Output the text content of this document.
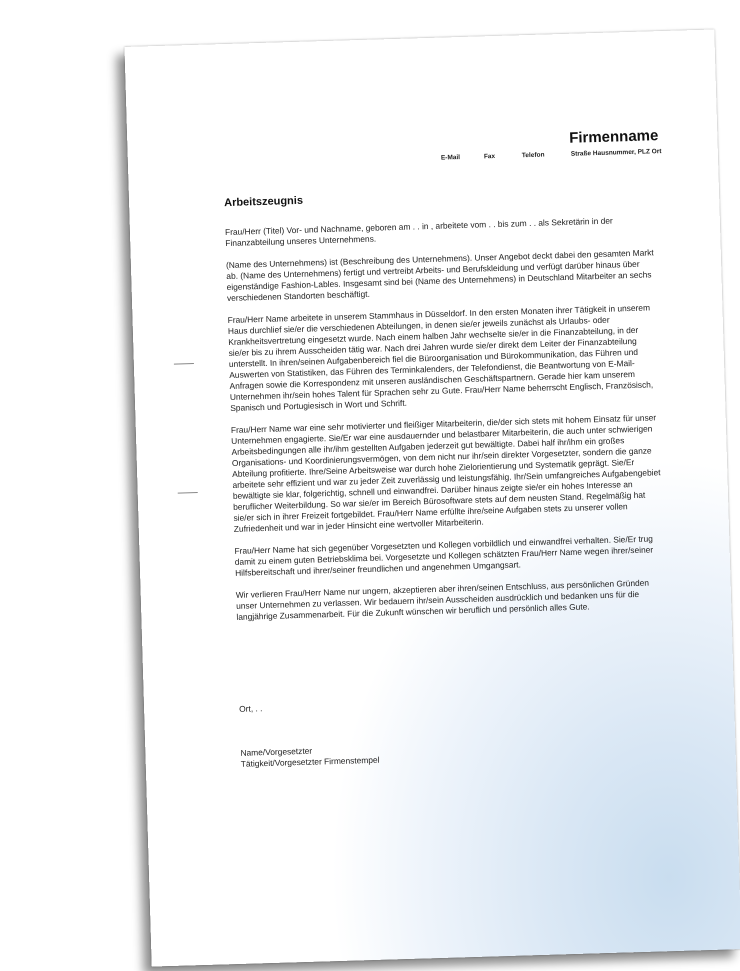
Firmenname
E-Mail	Fax	Telefon	Straße Hausnummer, PLZ Ort
Arbeitszeugnis

Frau/Herr (Titel) Vor- und Nachname, geboren am . . in , arbeitete vom . . bis zum . . als Sekretärin in der Finanzabteilung unseres Unternehmens.

(Name des Unternehmens) ist (Beschreibung des Unternehmens). Unser Angebot deckt dabei den gesamten Markt ab. (Name des Unternehmens) fertigt und vertreibt Arbeits- und Berufskleidung und verfügt darüber hinaus über eigenständige Fashion-Lables. Insgesamt sind bei (Name des Unternehmens) in Deutschland Mitarbeiter an sechs verschiedenen Standorten beschäftigt.

Frau/Herr Name arbeitete in unserem Stammhaus in Düsseldorf. In den ersten Monaten ihrer Tätigkeit in unserem Haus durchlief sie/er die verschiedenen Abteilungen, in denen sie/er jeweils zunächst als Urlaubs- oder Krankheitsvertretung eingesetzt wurde. Nach einem halben Jahr wechselte sie/er in die Finanzabteilung, in der sie/er bis zu ihrem Ausscheiden tätig war. Nach drei Jahren wurde sie/er direkt dem Leiter der Finanzabteilung unterstellt. In ihren/seinen Aufgabenbereich fiel die Büroorganisation und Bürokommunikation, das Führen und Auswerten von Statistiken, das Führen des Terminkalenders, der Telefondienst, die Beantwortung von E-Mail-Anfragen sowie die Korrespondenz mit unseren ausländischen Geschäftspartnern. Gerade hier kam unserem Unternehmen ihr/sein hohes Talent für Sprachen sehr zu Gute. Frau/Herr Name beherrscht Englisch, Französisch, Spanisch und Portugiesisch in Wort und Schrift.

Frau/Herr Name war eine sehr motivierter und fleißiger Mitarbeiterin, die/der sich stets mit hohem Einsatz für unser Unternehmen engagierte. Sie/Er war eine ausdauernder und belastbarer Mitarbeiterin, die auch unter schwierigen Arbeitsbedingungen alle ihr/ihm gestellten Aufgaben jederzeit gut bewältigte. Dabei half ihr/ihm ein großes Organisations- und Koordinierungsvermögen, von dem nicht nur ihr/sein direkter Vorgesetzter, sondern die ganze Abteilung profitierte. Ihre/Seine Arbeitsweise war durch hohe Zielorientierung und Systematik geprägt. Sie/Er arbeitete sehr effizient und war zu jeder Zeit zuverlässig und leistungsfähig. Ihr/Sein umfangreiches Aufgabengebiet bewältigte sie klar, folgerichtig, schnell und einwandfrei. Darüber hinaus zeigte sie/er ein hohes Interesse an beruflicher Weiterbildung. So war sie/er im Bereich Bürosoftware stets auf dem neusten Stand. Regelmäßig hat sie/er sich in ihrer Freizeit fortgebildet. Frau/Herr Name erfüllte ihre/seine Aufgaben stets zu unserer vollen Zufriedenheit und war in jeder Hinsicht eine wertvoller Mitarbeiterin.

Frau/Herr Name hat sich gegenüber Vorgesetzten und Kollegen vorbildlich und einwandfrei verhalten. Sie/Er trug damit zu einem guten Betriebsklima bei. Vorgesetzte und Kollegen schätzten Frau/Herr Name wegen ihrer/seiner Hilfsbereitschaft und ihrer/seiner freundlichen und angenehmen Umgangsart.

Wir verlieren Frau/Herr Name nur ungern, akzeptieren aber ihren/seinen Entschluss, aus persönlichen Gründen unser Unternehmen zu verlassen. Wir bedauern ihr/sein Ausscheiden ausdrücklich und bedanken uns für die langjährige Zusammenarbeit. Für die Zukunft wünschen wir beruflich und persönlich alles Gute.

Ort, . .
Name/Vorgesetzter
Tätigkeit/Vorgesetzter Firmenstempel
